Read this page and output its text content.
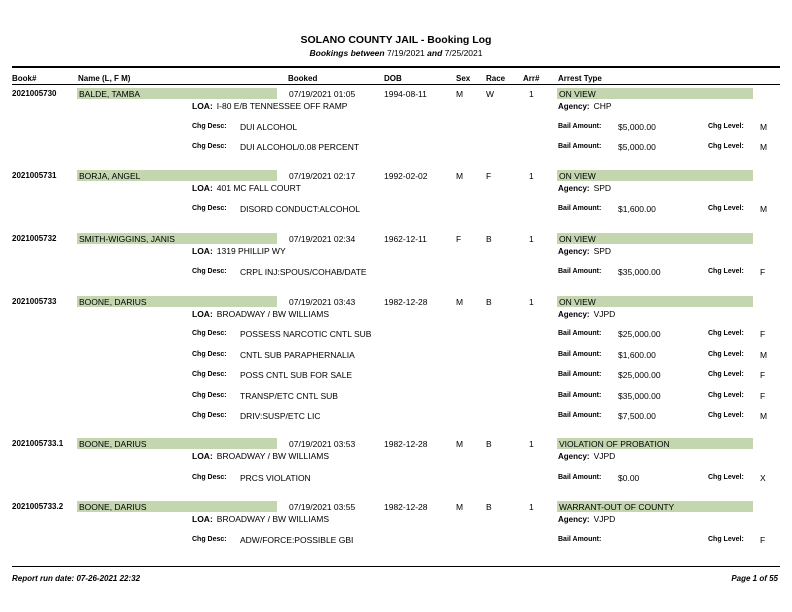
SOLANO COUNTY JAIL - Booking Log
Bookings between 7/19/2021 and 7/25/2021
Book#	Name (L, F M)	Booked	DOB	Sex Race Arr# Arrest Type
2021005730	BALDE, TAMBA	07/19/2021 01:05	1994-08-11	M	W	1	ON VIEW
LOA: I-80 E/B TENNESSEE OFF RAMP	Agency: CHP
Chg Desc: DUI ALCOHOL	Bail Amount: $5,000.00	Chg Level: M
Chg Desc: DUI ALCOHOL/0.08 PERCENT	Bail Amount: $5,000.00	Chg Level: M
2021005731	BORJA, ANGEL	07/19/2021 02:17	1992-02-02	M	F	1	ON VIEW
LOA: 401 MC FALL COURT	Agency: SPD
Chg Desc: DISORD CONDUCT:ALCOHOL	Bail Amount: $1,600.00	Chg Level: M
2021005732	SMITH-WIGGINS, JANIS	07/19/2021 02:34	1962-12-11	F	B	1	ON VIEW
LOA: 1319 PHILLIP WY	Agency: SPD
Chg Desc: CRPL INJ:SPOUS/COHAB/DATE	Bail Amount: $35,000.00	Chg Level: F
2021005733	BOONE, DARIUS	07/19/2021 03:43	1982-12-28	M	B	1	ON VIEW
LOA: BROADWAY / BW WILLIAMS	Agency: VJPD
Chg Desc: POSSESS NARCOTIC CNTL SUB	Bail Amount: $25,000.00	Chg Level: F
Chg Desc: CNTL SUB PARAPHERNALIA	Bail Amount: $1,600.00	Chg Level: M
Chg Desc: POSS CNTL SUB FOR SALE	Bail Amount: $25,000.00	Chg Level: F
Chg Desc: TRANSP/ETC CNTL SUB	Bail Amount: $35,000.00	Chg Level: F
Chg Desc: DRIV:SUSP/ETC LIC	Bail Amount: $7,500.00	Chg Level: M
2021005733.1 BOONE, DARIUS	07/19/2021 03:53	1982-12-28	M	B	1	VIOLATION OF PROBATION
LOA: BROADWAY / BW WILLIAMS	Agency: VJPD
Chg Desc: PRCS VIOLATION	Bail Amount: $0.00	Chg Level: X
2021005733.2 BOONE, DARIUS	07/19/2021 03:55	1982-12-28	M	B	1	WARRANT-OUT OF COUNTY
LOA: BROADWAY / BW WILLIAMS	Agency: VJPD
Chg Desc: ADW/FORCE:POSSIBLE GBI	Bail Amount:	Chg Level: F
Report run date: 07-26-2021 22:32	Page 1 of 55
